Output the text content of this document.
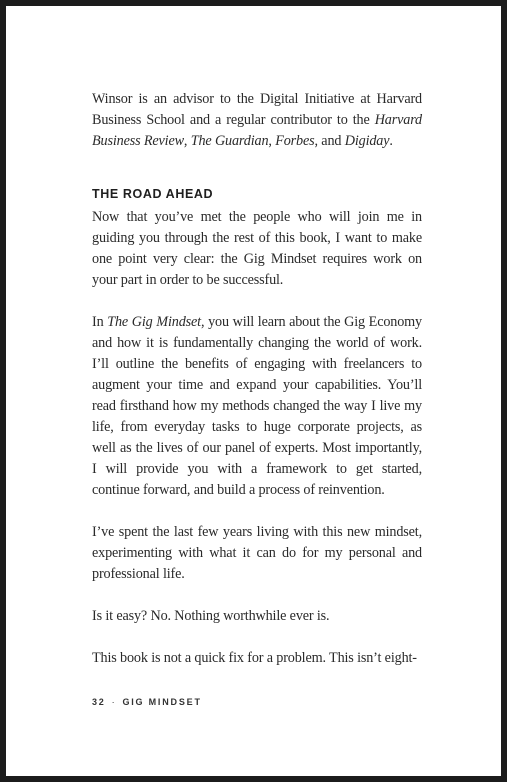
Winsor is an advisor to the Digital Initiative at Harvard Business School and a regular contributor to the Harvard Business Review, The Guardian, Forbes, and Digiday.

THE ROAD AHEAD

Now that you’ve met the people who will join me in guiding you through the rest of this book, I want to make one point very clear: the Gig Mindset requires work on your part in order to be successful.

In The Gig Mindset, you will learn about the Gig Economy and how it is fundamentally changing the world of work. I’ll outline the benefits of engaging with freelancers to augment your time and expand your capabilities. You’ll read firsthand how my methods changed the way I live my life, from everyday tasks to huge corporate projects, as well as the lives of our panel of experts. Most importantly, I will provide you with a framework to get started, continue forward, and build a process of reinvention.

I’ve spent the last few years living with this new mindset, experimenting with what it can do for my personal and professional life.

Is it easy? No. Nothing worthwhile ever is.

This book is not a quick fix for a problem. This isn’t eight-

32 · GIG MINDSET
